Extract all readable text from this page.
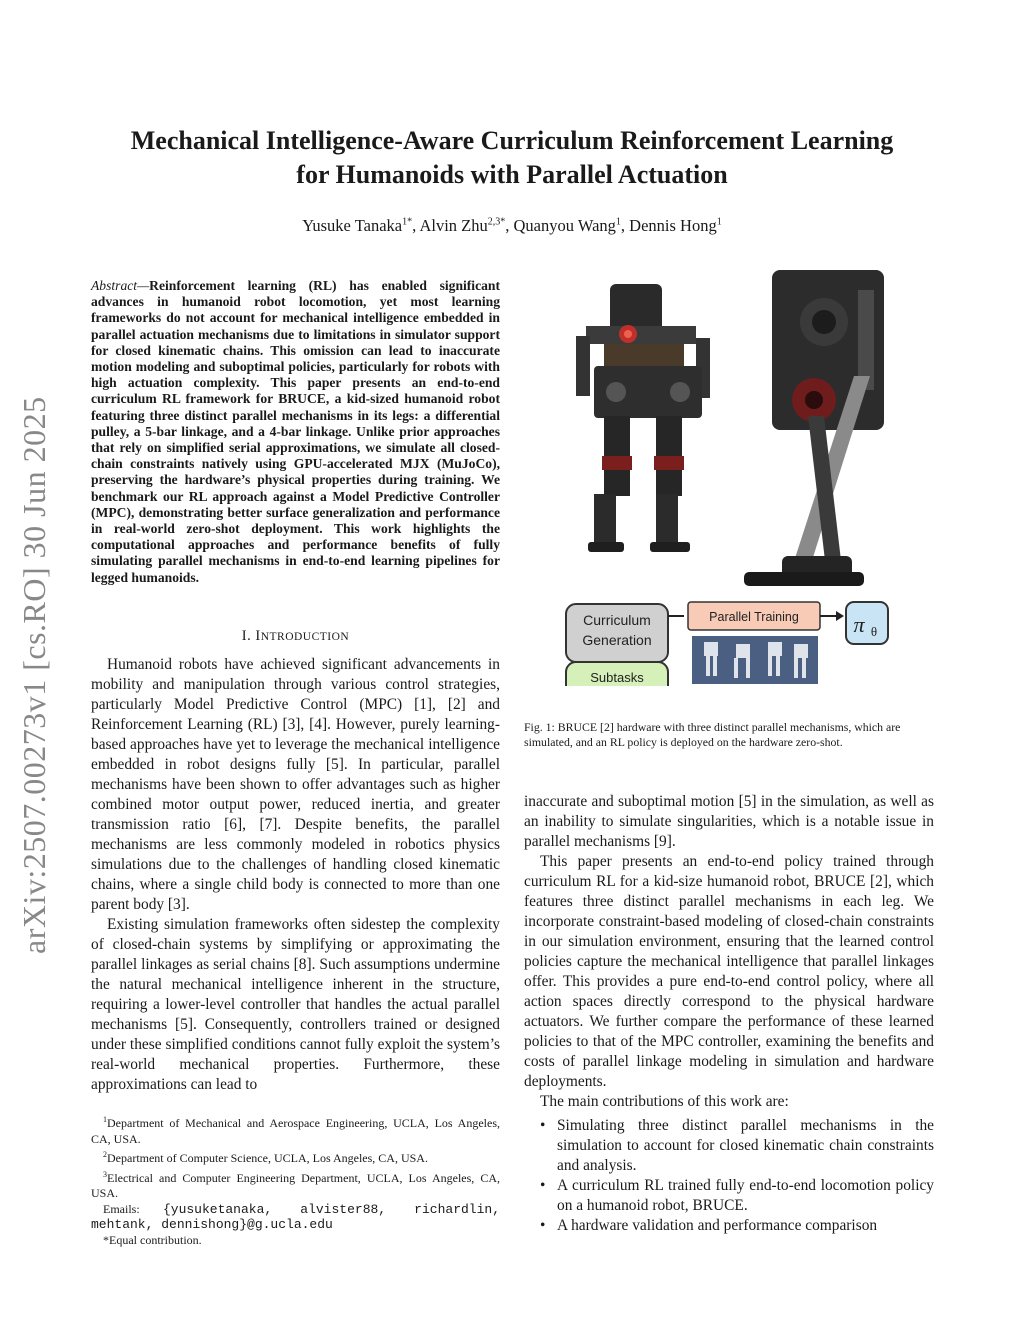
Mechanical Intelligence-Aware Curriculum Reinforcement Learning
for Humanoids with Parallel Actuation
Yusuke Tanaka$^{1*}$, Alvin Zhu$^{2,3*}$, Quanyou Wang$^1$, Dennis Hong$^1$
arXiv:2507.00273v1 [cs.RO] 30 Jun 2025
Abstract—Reinforcement learning (RL) has enabled significant advances in humanoid robot locomotion, yet most learning frameworks do not account for mechanical intelligence embedded in parallel actuation mechanisms due to limitations in simulator support for closed kinematic chains. This omission can lead to inaccurate motion modeling and suboptimal policies, particularly for robots with high actuation complexity. This paper presents an end-to-end curriculum RL framework for BRUCE, a kid-sized humanoid robot featuring three distinct parallel mechanisms in its legs: a differential pulley, a 5-bar linkage, and a 4-bar linkage. Unlike prior approaches that rely on simplified serial approximations, we simulate all closed-chain constraints natively using GPU-accelerated MJX (MuJoCo), preserving the hardware’s physical properties during training. We benchmark our RL approach against a Model Predictive Controller (MPC), demonstrating better surface generalization and performance in real-world zero-shot deployment. This work highlights the computational approaches and performance benefits of fully simulating parallel mechanisms in end-to-end learning pipelines for legged humanoids.
I. INTRODUCTION

Humanoid robots have achieved significant advancements in mobility and manipulation through various control strategies, particularly Model Predictive Control (MPC) [1], [2] and Reinforcement Learning (RL) [3], [4]. However, purely learning-based approaches have yet to leverage the mechanical intelligence embedded in robot designs fully [5]. In particular, parallel mechanisms have been shown to offer advantages such as higher combined motor output power, reduced inertia, and greater transmission ratio [6], [7]. Despite benefits, the parallel mechanisms are less commonly modeled in robotics physics simulations due to the challenges of handling closed kinematic chains, where a single child body is connected to more than one parent body [3].

Existing simulation frameworks often sidestep the complexity of closed-chain systems by simplifying or approximating the parallel linkages as serial chains [8]. Such assumptions undermine the natural mechanical intelligence inherent in the structure, requiring a lower-level controller that handles the actual parallel mechanisms [5]. Consequently, controllers trained or designed under these simplified conditions cannot fully exploit the system’s real-world mechanical properties. Furthermore, these approximations can lead to

$^1$Department of Mechanical and Aerospace Engineering, UCLA, Los Angeles, CA, USA.
$^2$Department of Computer Science, UCLA, Los Angeles, CA, USA.
$^3$Electrical and Computer Engineering Department, UCLA, Los Angeles, CA, USA.
Emails: {yusuketanaka, alvister88, richardlin, mehtank, dennishong}@g.ucla.edu
*Equal contribution.
Curriculum
Generation
Subtasks
Parallel Training π θ
Fig. 1: BRUCE [2] hardware with three distinct parallel mechanisms, which are simulated, and an RL policy is deployed on the hardware zero-shot.

inaccurate and suboptimal motion [5] in the simulation, as well as an inability to simulate singularities, which is a notable issue in parallel mechanisms [9].

This paper presents an end-to-end policy trained through curriculum RL for a kid-size humanoid robot, BRUCE [2], which features three distinct parallel mechanisms in each leg. We incorporate constraint-based modeling of closed-chain constraints in our simulation environment, ensuring that the learned control policies capture the mechanical intelligence that parallel linkages offer. This provides a pure end-to-end control policy, where all action spaces directly correspond to the physical hardware actuators. We further compare the performance of these learned policies to that of the MPC controller, examining the benefits and costs of parallel linkage modeling in simulation and hardware deployments.

The main contributions of this work are:

• Simulating three distinct parallel mechanisms in the simulation to account for closed kinematic chain constraints and analysis.
• A curriculum RL trained fully end-to-end locomotion policy on a humanoid robot, BRUCE.
• A hardware validation and performance comparison
